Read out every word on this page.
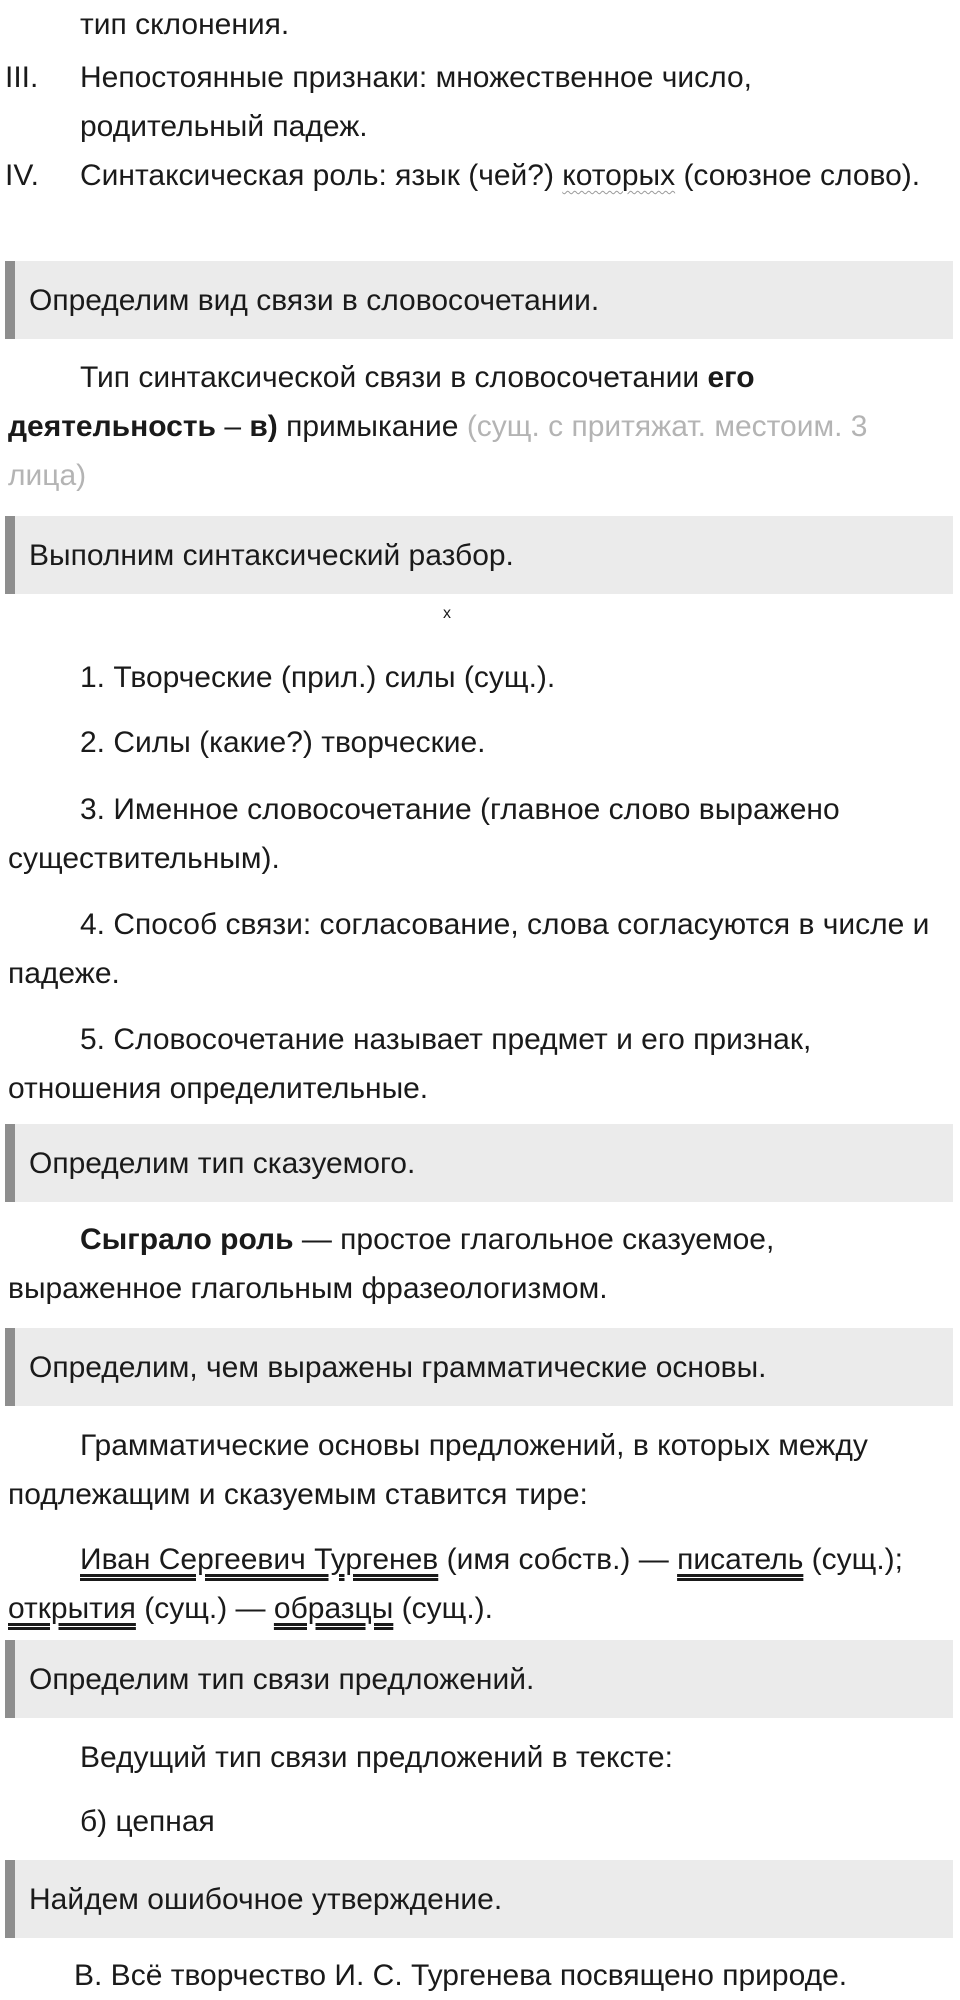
тип склонения.
III.	Непостоянные признаки: множественное число, родительный падеж.
IV.	Синтаксическая роль: язык (чей?) которых (союзное слово).
Определим вид связи в словосочетании.
Тип синтаксической связи в словосочетании его деятельность – в) примыкание (сущ. с притяжат. местоим. 3 лица)
Выполним синтаксический разбор.
x
1. Творческие (прил.) силы (сущ.).
2. Силы (какие?) творческие.
3. Именное словосочетание (главное слово выражено существительным).
4. Способ связи: согласование, слова согласуются в числе и падеже.
5. Словосочетание называет предмет и его признак, отношения определительные.
Определим тип сказуемого.
Сыграло роль — простое глагольное сказуемое, выраженное глагольным фразеологизмом.
Определим, чем выражены грамматические основы.
Грамматические основы предложений, в которых между подлежащим и сказуемым ставится тире:
Иван Сергеевич Тургенев (имя собств.) — писатель (сущ.); открытия (сущ.) — образцы (сущ.).
Определим тип связи предложений.
Ведущий тип связи предложений в тексте:
б) цепная
Найдем ошибочное утверждение.
В. Всё творчество И. С. Тургенева посвящено природе.
